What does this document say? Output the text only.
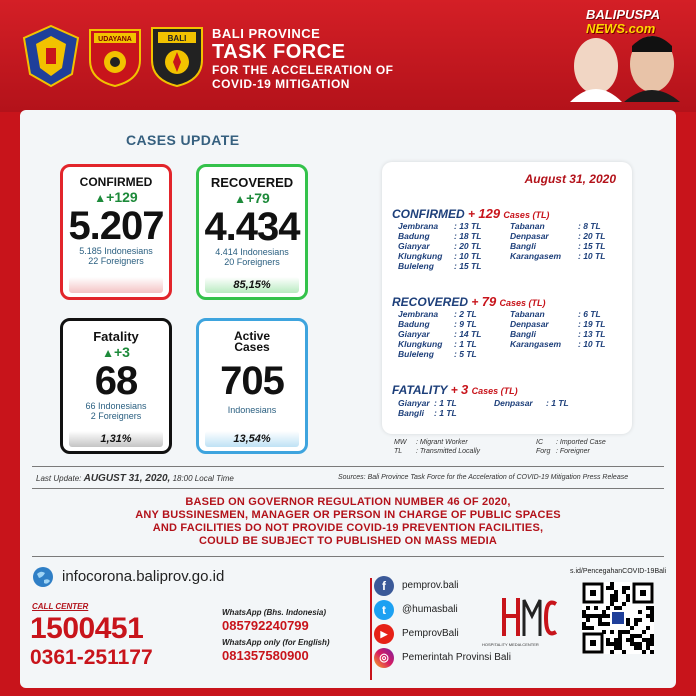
UDAYANA	BALI BALI PROVINCE
TASK FORCE
FOR THE ACCELERATION OF
COVID-19 MITIGATION
BALIPUSPA
NEWS.com
CASES UPDATE
CONFIRMED
▲+129
5.207
5.185 Indonesians
22 Foreigners
RECOVERED
▲+79
4.434
4.414 Indonesians
20 Foreigners
85,15%
Fatality
▲+3
68
66 Indonesians
2 Foreigners
1,31%
Active
Cases
705
Indonesians
13,54%
August 31, 2020
CONFIRMED + 129 Cases (TL)
Jembrana : 13 TL	Tabanan	: 8 TL
Badung	: 18 TL	Denpasar	: 20 TL
Gianyar	: 20 TL	Bangli	: 15 TL
Klungkung : 10 TL	Karangasem : 10 TL
Buleleng : 15 TL
RECOVERED + 79 Cases (TL)
Jembrana : 2 TL	Tabanan	: 6 TL
Badung	: 9 TL	Denpasar	: 19 TL
Gianyar	: 14 TL	Bangli	: 13 TL
Klungkung : 1 TL	Karangasem : 10 TL
Buleleng : 5 TL
FATALITY + 3 Cases (TL)
Gianyar : 1 TL	Denpasar : 1 TL
Bangli : 1 TL
MW : Migrant Worker	IC : Imported Case
TL : Transmitted Locally	Forg : Foreigner
Last Update: AUGUST 31, 2020, 18:00 Local Time	Sources: Bali Province Task Force for the Acceleration of COVID-19 Mitigation Press Release
BASED ON GOVERNOR REGULATION NUMBER 46 OF 2020,
ANY BUSSINESMEN, MANAGER OR PERSON IN CHARGE OF PUBLIC SPACES
AND FACILITIES DO NOT PROVIDE COVID-19 PREVENTION FACILITIES,
COULD BE SUBJECT TO PUBLISHED ON MASS MEDIA
infocorona.baliprov.go.id
CALL CENTER
1500451
0361-251177
WhatsApp (Bhs. Indonesia)
085792240799
WhatsApp only (for English)
081357580900
f	pemprov.bali
t	@humasbali
▶	PemprovBali
◎	Pemerintah Provinsi Bali
HOSPITALITY MEDIA CENTER
s.id/PencegahanCOVID-19Bali
